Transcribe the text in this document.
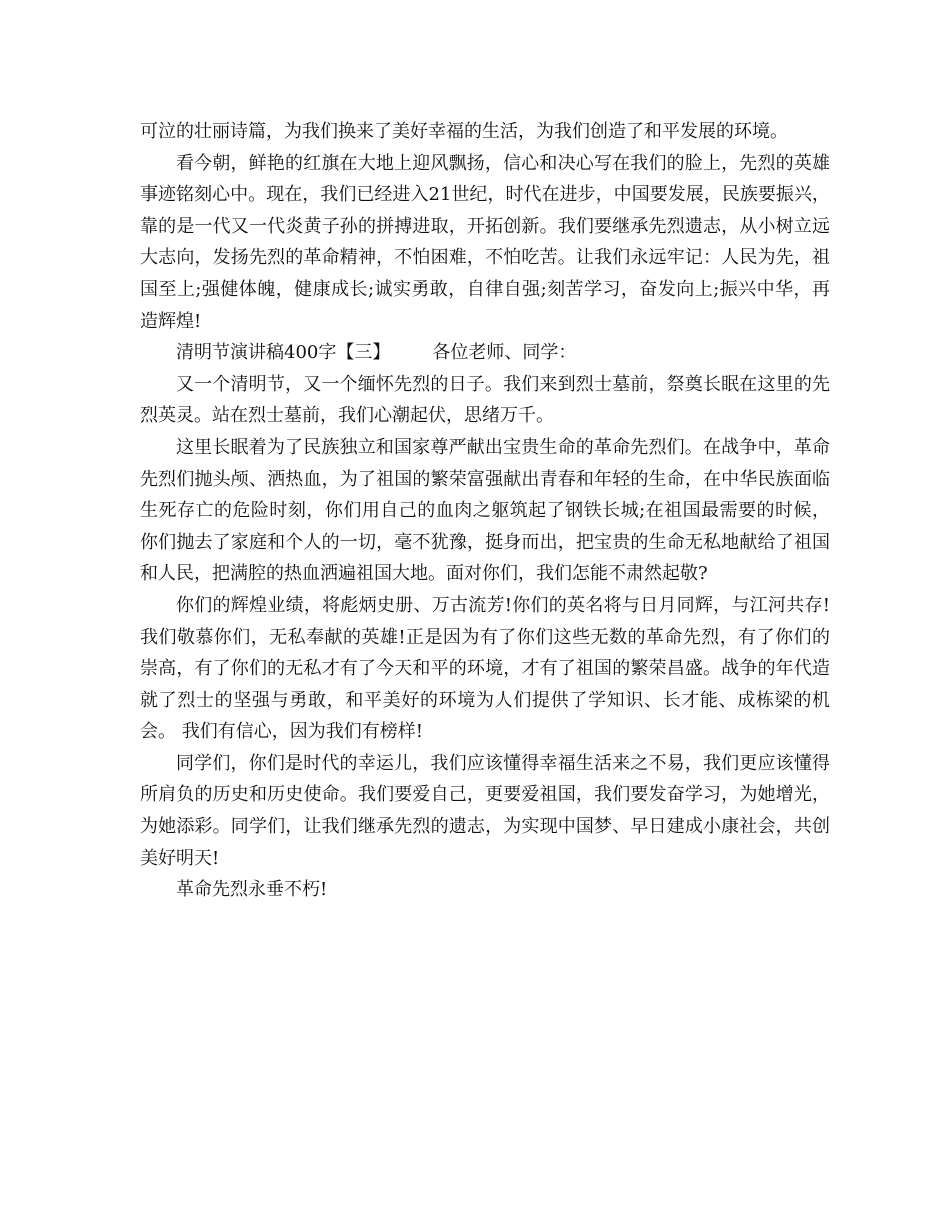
可泣的壮丽诗篇，为我们换来了美好幸福的生活，为我们创造了和平发展的环境。

看今朝，鲜艳的红旗在大地上迎风飘扬，信心和决心写在我们的脸上，先烈的英雄事迹铭刻心中。现在，我们已经进入21世纪，时代在进步，中国要发展，民族要振兴，靠的是一代又一代炎黄子孙的拼搏进取，开拓创新。我们要继承先烈遗志，从小树立远大志向，发扬先烈的革命精神，不怕困难，不怕吃苦。让我们永远牢记：人民为先，祖国至上;强健体魄，健康成长;诚实勇敢，自律自强;刻苦学习，奋发向上;振兴中华，再造辉煌!

清明节演讲稿400字【三】 各位老师、同学：

又一个清明节，又一个缅怀先烈的日子。我们来到烈士墓前，祭奠长眠在这里的先烈英灵。站在烈士墓前，我们心潮起伏，思绪万千。

这里长眠着为了民族独立和国家尊严献出宝贵生命的革命先烈们。在战争中，革命先烈们抛头颅、洒热血，为了祖国的繁荣富强献出青春和年轻的生命，在中华民族面临生死存亡的危险时刻，你们用自己的血肉之躯筑起了钢铁长城;在祖国最需要的时候，你们抛去了家庭和个人的一切，毫不犹豫，挺身而出，把宝贵的生命无私地献给了祖国和人民，把满腔的热血洒遍祖国大地。面对你们，我们怎能不肃然起敬?

你们的辉煌业绩，将彪炳史册、万古流芳!你们的英名将与日月同辉，与江河共存!我们敬慕你们，无私奉献的英雄!正是因为有了你们这些无数的革命先烈，有了你们的崇高，有了你们的无私才有了今天和平的环境，才有了祖国的繁荣昌盛。战争的年代造就了烈士的坚强与勇敢，和平美好的环境为人们提供了学知识、长才能、成栋梁的机会。 我们有信心，因为我们有榜样!

同学们，你们是时代的幸运儿，我们应该懂得幸福生活来之不易，我们更应该懂得所肩负的历史和历史使命。我们要爱自己，更要爱祖国，我们要发奋学习，为她增光，为她添彩。同学们，让我们继承先烈的遗志，为实现中国梦、早日建成小康社会，共创美好明天!

革命先烈永垂不朽!
